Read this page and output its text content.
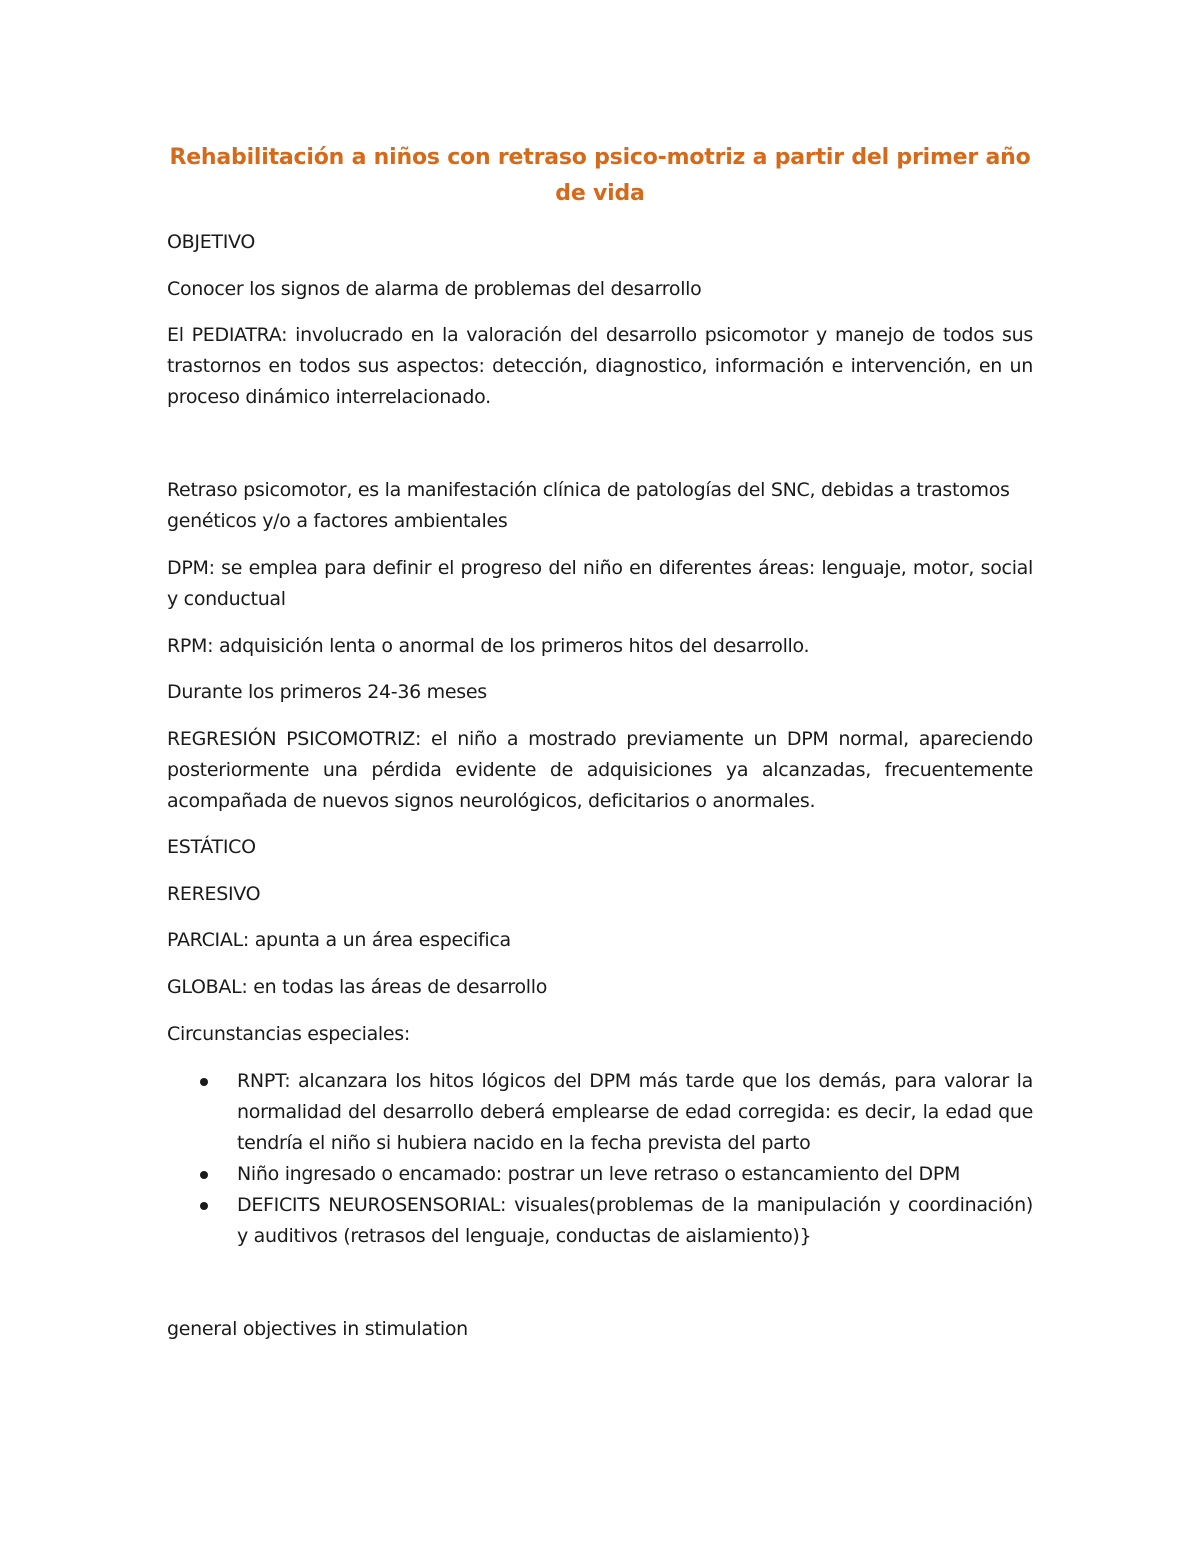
Rehabilitación a niños con retraso psico-motriz a partir del primer año de vida

OBJETIVO

Conocer los signos de alarma de problemas del desarrollo

El PEDIATRA: involucrado en la valoración del desarrollo psicomotor y manejo de todos sus trastornos en todos sus aspectos: detección, diagnostico, información e intervención, en un proceso dinámico interrelacionado.

Retraso psicomotor, es la manifestación clínica de patologías del SNC, debidas a trastomos genéticos y/o a factores ambientales

DPM: se emplea para definir el progreso del niño en diferentes áreas: lenguaje, motor, social y conductual

RPM: adquisición lenta o anormal de los primeros hitos del desarrollo.

Durante los primeros 24-36 meses

REGRESIÓN PSICOMOTRIZ: el niño a mostrado previamente un DPM normal, apareciendo posteriormente una pérdida evidente de adquisiciones ya alcanzadas, frecuentemente acompañada de nuevos signos neurológicos, deficitarios o anormales.

ESTÁTICO

RERESIVO

PARCIAL: apunta a un área especifica

GLOBAL: en todas las áreas de desarrollo

Circunstancias especiales:

RNPT: alcanzara los hitos lógicos del DPM más tarde que los demás, para valorar la normalidad del desarrollo deberá emplearse de edad corregida: es decir, la edad que tendría el niño si hubiera nacido en la fecha prevista del parto
Niño ingresado o encamado: postrar un leve retraso o estancamiento del DPM
DEFICITS NEUROSENSORIAL: visuales(problemas de la manipulación y coordinación) y auditivos (retrasos del lenguaje, conductas de aislamiento)}

general objectives in stimulation
